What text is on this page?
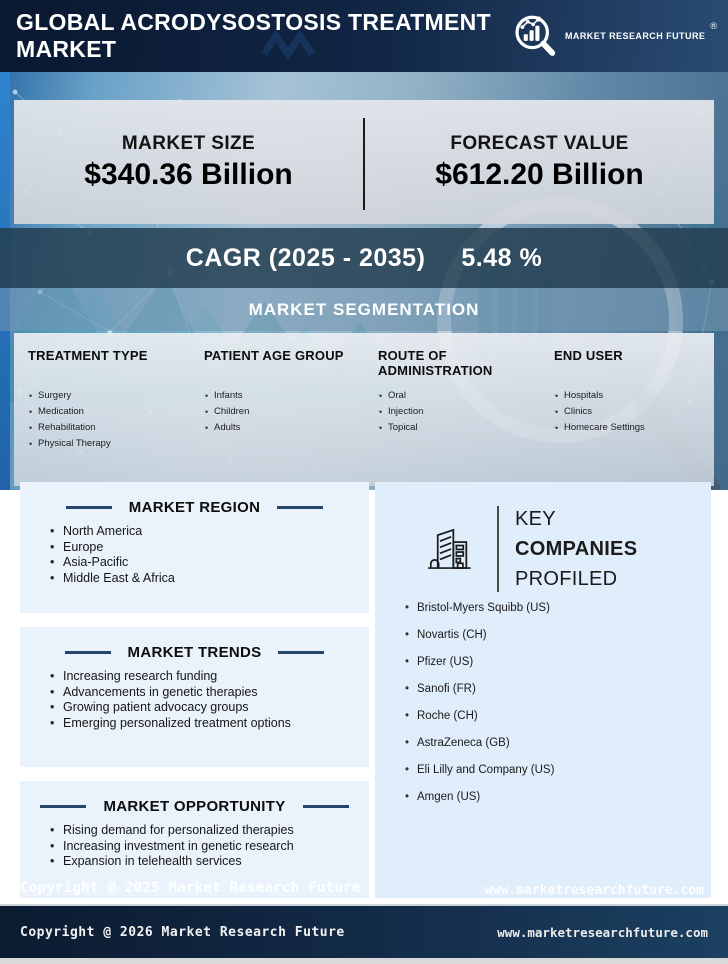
GLOBAL ACRODYSOSTOSIS TREATMENT MARKET	MARKET RESEARCH FUTURE
®
MARKET SIZE
$340.36 Billion
FORECAST VALUE
$612.20 Billion
CAGR (2025 - 2035) 5.48 %
MARKET SEGMENTATION
TREATMENT TYPE
• Surgery
• Medication
• Rehabilitation
• Physical Therapy
PATIENT AGE GROUP
• Infants
• Children
• Adults
ROUTE OF ADMINISTRATION
• Oral
• Injection
• Topical
END USER
• Hospitals
• Clinics
• Homecare Settings
MARKET REGION
• North America
• Europe
• Asia-Pacific
• Middle East & Africa
MARKET TRENDS
• Increasing research funding
• Advancements in genetic therapies
• Growing patient advocacy groups
• Emerging personalized treatment options
MARKET OPPORTUNITY
• Rising demand for personalized therapies
• Increasing investment in genetic research
• Expansion in telehealth services
KEY
COMPANIES
PROFILED
• Bristol-Myers Squibb (US)
• Novartis (CH)
• Pfizer (US)
• Sanofi (FR)
• Roche (CH)
• AstraZeneca (GB)
• Eli Lilly and Company (US)
• Amgen (US)
Copyright @ 2025 Market Research Future	www.marketresearchfuture.com
Copyright @ 2026 Market Research Future	www.marketresearchfuture.com
